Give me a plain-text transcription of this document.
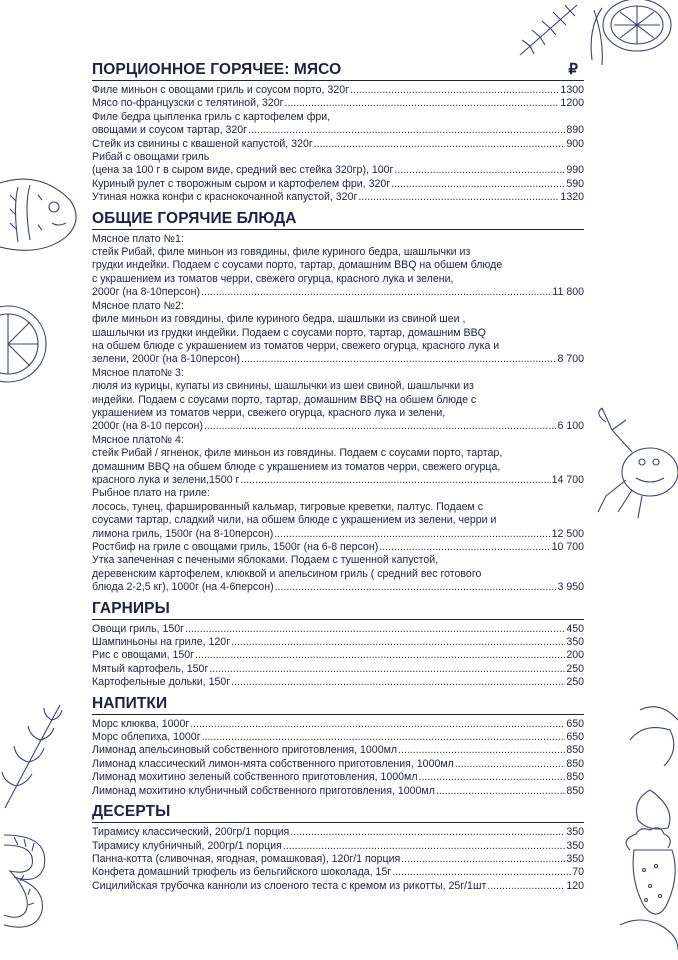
ПОРЦИОННОЕ ГОРЯЧЕЕ: МЯСО	₽
Филе миньон с овощами гриль и соусом порто, 320г .....	1300
Мясо по-французски с телятиной, 320г .....	1200
Филе бедра цыпленка гриль с картофелем фри,
овощами и соусом тартар, 320г .....	890
Стейк из свинины с квашеной капустой, 320г .....	900
Рибай с овощами гриль
(цена за 100 г в сыром виде, средний вес стейка 320гр), 100г .....	990
Куриный рулет с творожным сыром и картофелем фри, 320г .....	590
Утиная ножка конфи с краснокочанной капустой, 320г .....	1320
ОБЩИЕ ГОРЯЧИЕ БЛЮДА
Мясное плато №1:
стейк Рибай, филе миньон из говядины, филе куриного бедра, шашлычки из
грудки индейки. Подаем с соусами порто, тартар, домашним BBQ на обшем блюде
с украшением из томатов черри, свежего огурца, красного лука и зелени,
2000г (на 8-10персон) .....	11 800
Мясное плато №2:
филе миньон из говядины, филе куриного бедра, шашлыки из свиной шеи ,
шашлычки из грудки индейки. Подаем с соусами порто, тартар, домашним BBQ
на обшем блюде с украшением из томатов черри, свежего огурца, красного лука и
зелени, 2000г (на 8-10персон) .....	8 700
Мясное плато№ 3:
люля из курицы, купаты из свинины, шашлычки из шеи свиной, шашлычки из
индейки. Подаем с соусами порто, тартар, домашним BBQ на обшем блюде с
украшением из томатов черри, свежего огурца, красного лука и зелени,
2000г (на 8-10 персон) .....	6 100
Мясное плато№ 4:
стейк Рибай / ягненок, филе миньон из говядины. Подаем с соусами порто, тартар,
домашним BBQ на обшем блюде с украшением из томатов черри, свежего огурца,
красного лука и зелени,1500 г .....	14 700
Рыбное плато на гриле:
лосось, тунец, фаршированный кальмар, тигровые креветки, палтус. Подаем с
соусами тартар, сладкий чили, на обшем блюде с украшением из зелени, черри и
лимона гриль, 1500г (на 8-10персон) .....	12 500
Ростбиф на гриле с овощами гриль, 1500г (на 6-8 персон) .....	10 700
Утка запеченная с печеными яблоками. Подаем с тушенной капустой,
деревенским картофелем, клюквой и апельсином гриль ( средний вес готового
блюда 2-2,5 кг), 1000г (на 4-6персон) .....	3 950
ГАРНИРЫ
Овощи гриль, 150г .....	450
Шампиньоны на гриле, 120г .....	350
Рис с овощами, 150г .....	200
Мятый картофель, 150г .....	250
Картофельные дольки, 150г .....	250
НАПИТКИ
Морс клюква, 1000г .....	650
Морс облепиха, 1000г .....	650
Лимонад апельсиновый собственного приготовления, 1000мл .....	850
Лимонад классический лимон-мята собственного приготовления, 1000мл .....	850
Лимонад мохитино зеленый собственного приготовления, 1000мл .....	850
Лимонад мохитино клубничный собственного приготовления, 1000мл .....	850
ДЕСЕРТЫ
Тирамису классический, 200гр/1 порция .....	350
Тирамису клубничный, 200гр/1 порция .....	350
Панна-котта (сливочная, ягодная, ромашковая), 120г/1 порция .....	350
Конфета домашний трюфель из бельгийского шоколада, 15г .....	70
Сицилийская трубочка канноли из слоеного теста с кремом из рикотты, 25г/1шт .....	120
